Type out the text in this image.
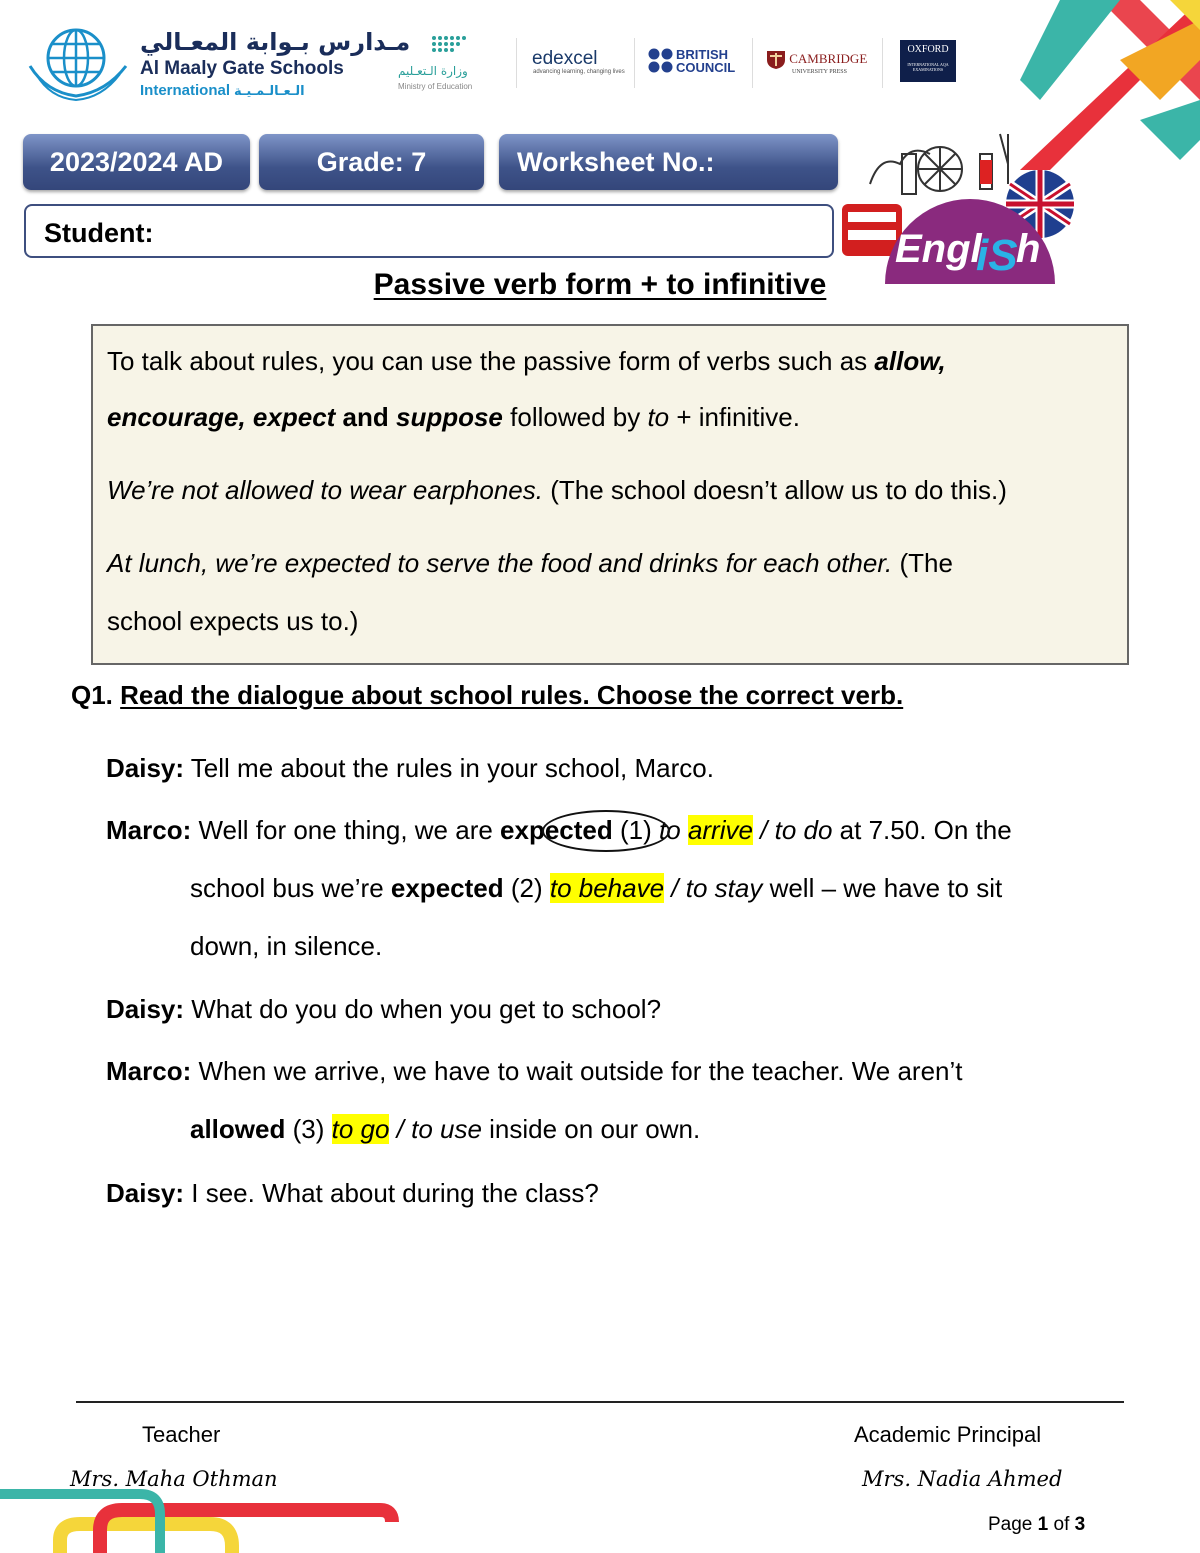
مـدارس بـوابة المعـالي
Al Maaly Gate Schools
International الـعـالـمـيـة
وزارة الـتعـليم
Ministry of Education
edexcel
advancing learning, changing lives
BRITISH
COUNCIL
CAMBRIDGE
UNIVERSITY PRESS
OXFORD
INTERNATIONAL AQA EXAMINATIONS
2023/2024 AD	Grade: 7	Worksheet No.:
Student:	Engl
iS
h
Passive verb form + to infinitive

To talk about rules, you can use the passive form of verbs such as allow,

encourage, expect and suppose followed by to + infinitive.

We’re not allowed to wear earphones. (The school doesn’t allow us to do this.)

At lunch, we’re expected to serve the food and drinks for each other. (The

school expects us to.)

Q1. Read the dialogue about school rules. Choose the correct verb.
Daisy: Tell me about the rules in your school, Marco.
Marco: Well for one thing, we are expected (1) to arrive / to do at 7.50. On the
school bus we’re expected (2) to behave / to stay well – we have to sit
down, in silence.
Daisy: What do you do when you get to school?
Marco: When we arrive, we have to wait outside for the teacher. We aren’t
allowed (3) to go / to use inside on our own.
Daisy: I see. What about during the class?
Teacher
Mrs. Maha Othman
Academic Principal
Mrs. Nadia Ahmed
Page 1 of 3
